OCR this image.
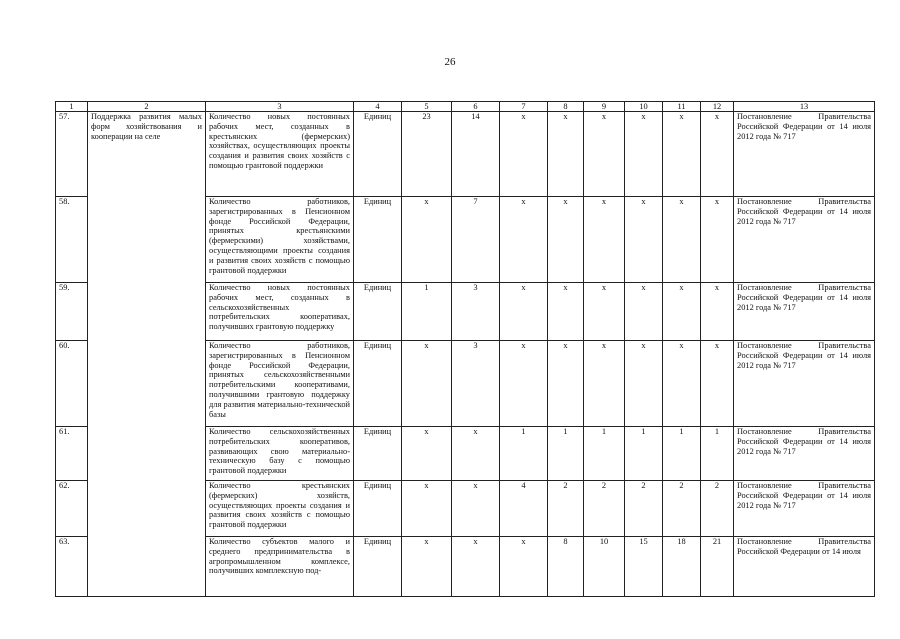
26
1	2	3	4	5	6	7	8	9	10	11	12	13
57.	Поддержка развития малых форм хозяйствования и кооперации на селе	Количество новых постоянных рабочих мест, созданных в крестьянских (фермерских) хозяйствах, осуществляющих проекты создания и развития своих хозяйств с помощью грантовой поддержки	Единиц	23	14	х	х	х	х	х	х	Постановление Правительства Российской Федерации от 14 июля 2012 года № 717
58.		Количество работников, зарегистрированных в Пенсионном фонде Российской Федерации, принятых крестьянскими (фермерскими) хозяйствами, осуществляющими проекты создания и развития своих хозяйств с помощью грантовой поддержки	Единиц	х	7	х	х	х	х	х	х	Постановление Правительства Российской Федерации от 14 июля 2012 года № 717
59.		Количество новых постоянных рабочих мест, созданных в сельскохозяйственных потребительских кооперативах, получивших грантовую поддержку	Единиц	1	3	х	х	х	х	х	х	Постановление Правительства Российской Федерации от 14 июля 2012 года № 717
60.		Количество работников, зарегистрированных в Пенсионном фонде Российской Федерации, принятых сельскохозяйственными потребительскими кооперативами, получившими грантовую поддержку для развития материально-технической базы	Единиц	х	3	х	х	х	х	х	х	Постановление Правительства Российской Федерации от 14 июля 2012 года № 717
61.		Количество сельскохозяйственных потребительских кооперативов, развивающих свою материально-техническую базу с помощью грантовой поддержки	Единиц	х	х	1	1	1	1	1	1	Постановление Правительства Российской Федерации от 14 июля 2012 года № 717
62.		Количество крестьянских (фермерских) хозяйств, осуществляющих проекты создания и развития своих хозяйств с помощью грантовой поддержки	Единиц	х	х	4	2	2	2	2	2	Постановление Правительства Российской Федерации от 14 июля 2012 года № 717
63.		Количество субъектов малого и среднего предпринимательства в агропромышленном комплексе, получивших комплексную под-	Единиц	х	х	х	8	10	15	18	21	Постановление Правительства Российской Федерации от 14 июля
